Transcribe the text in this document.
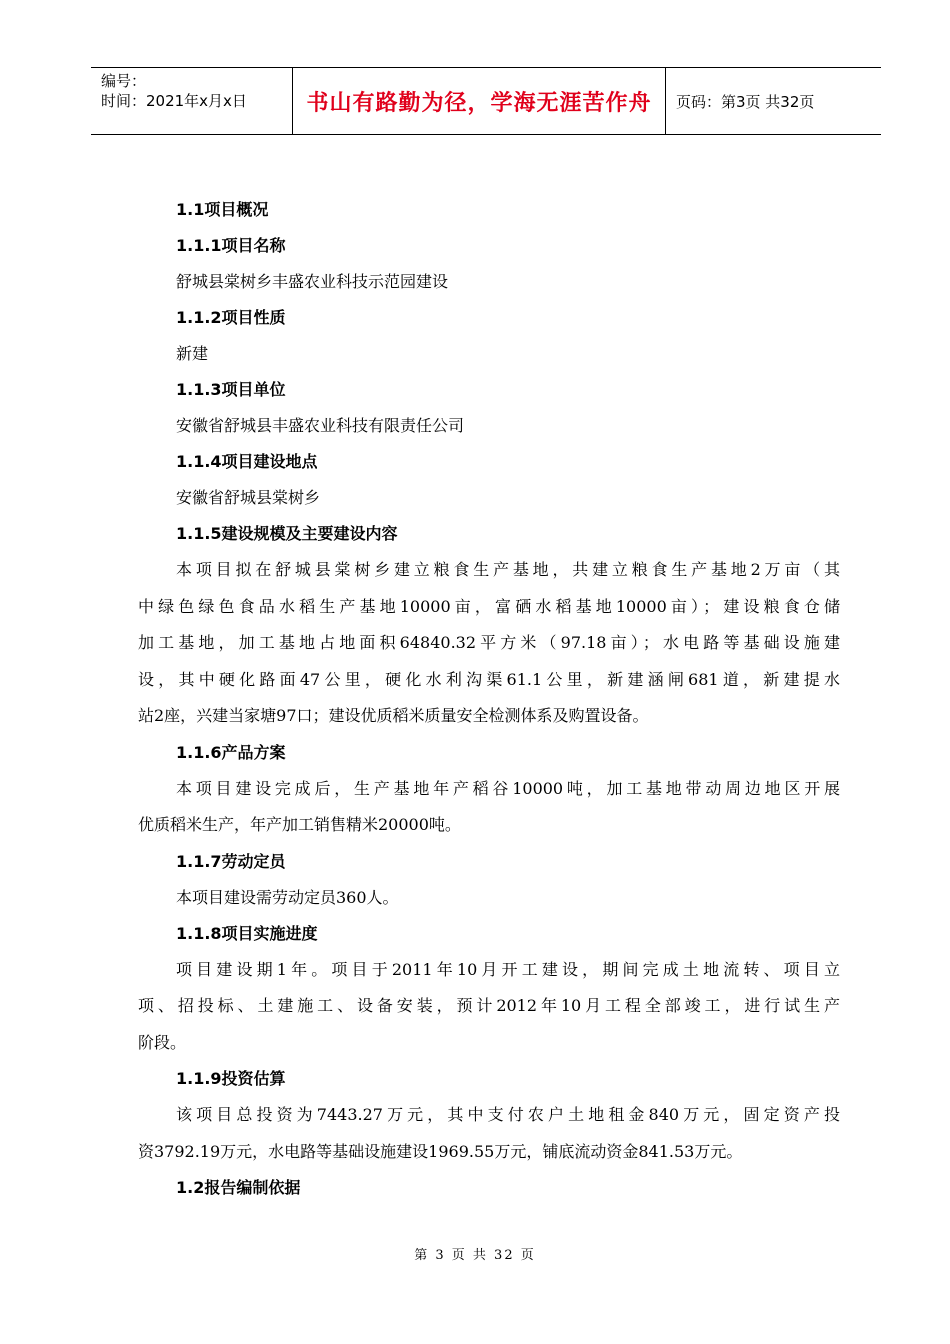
编号：
时间：2021年x月x日	书山有路勤为径，学海无涯苦作舟	页码：第3页 共32页
1.1项目概况
1.1.1项目名称
舒城县棠树乡丰盛农业科技示范园建设
1.1.2项目性质
新建
1.1.3项目单位
安徽省舒城县丰盛农业科技有限责任公司
1.1.4项目建设地点
安徽省舒城县棠树乡
1.1.5建设规模及主要建设内容
本项目拟在舒城县棠树乡建立粮食生产基地，共建立粮食生产基地2万亩（其
中绿色绿色食品水稻生产基地10000亩，富硒水稻基地10000亩）；建设粮食仓储
加工基地，加工基地占地面积64840.32平方米（97.18亩）；水电路等基础设施建
设，其中硬化路面47公里，硬化水利沟渠61.1公里，新建涵闸681道，新建提水
站2座，兴建当家塘97口；建设优质稻米质量安全检测体系及购置设备。
1.1.6产品方案
本项目建设完成后，生产基地年产稻谷10000吨，加工基地带动周边地区开展
优质稻米生产，年产加工销售精米20000吨。
1.1.7劳动定员
本项目建设需劳动定员360人。
1.1.8项目实施进度
项目建设期1年。项目于2011年10月开工建设，期间完成土地流转、项目立
项、招投标、土建施工、设备安装，预计2012年10月工程全部竣工，进行试生产
阶段。
1.1.9投资估算
该项目总投资为7443.27万元，其中支付农户土地租金840万元，固定资产投
资3792.19万元，水电路等基础设施建设1969.55万元，铺底流动资金841.53万元。
1.2报告编制依据
第 3 页 共 32 页
